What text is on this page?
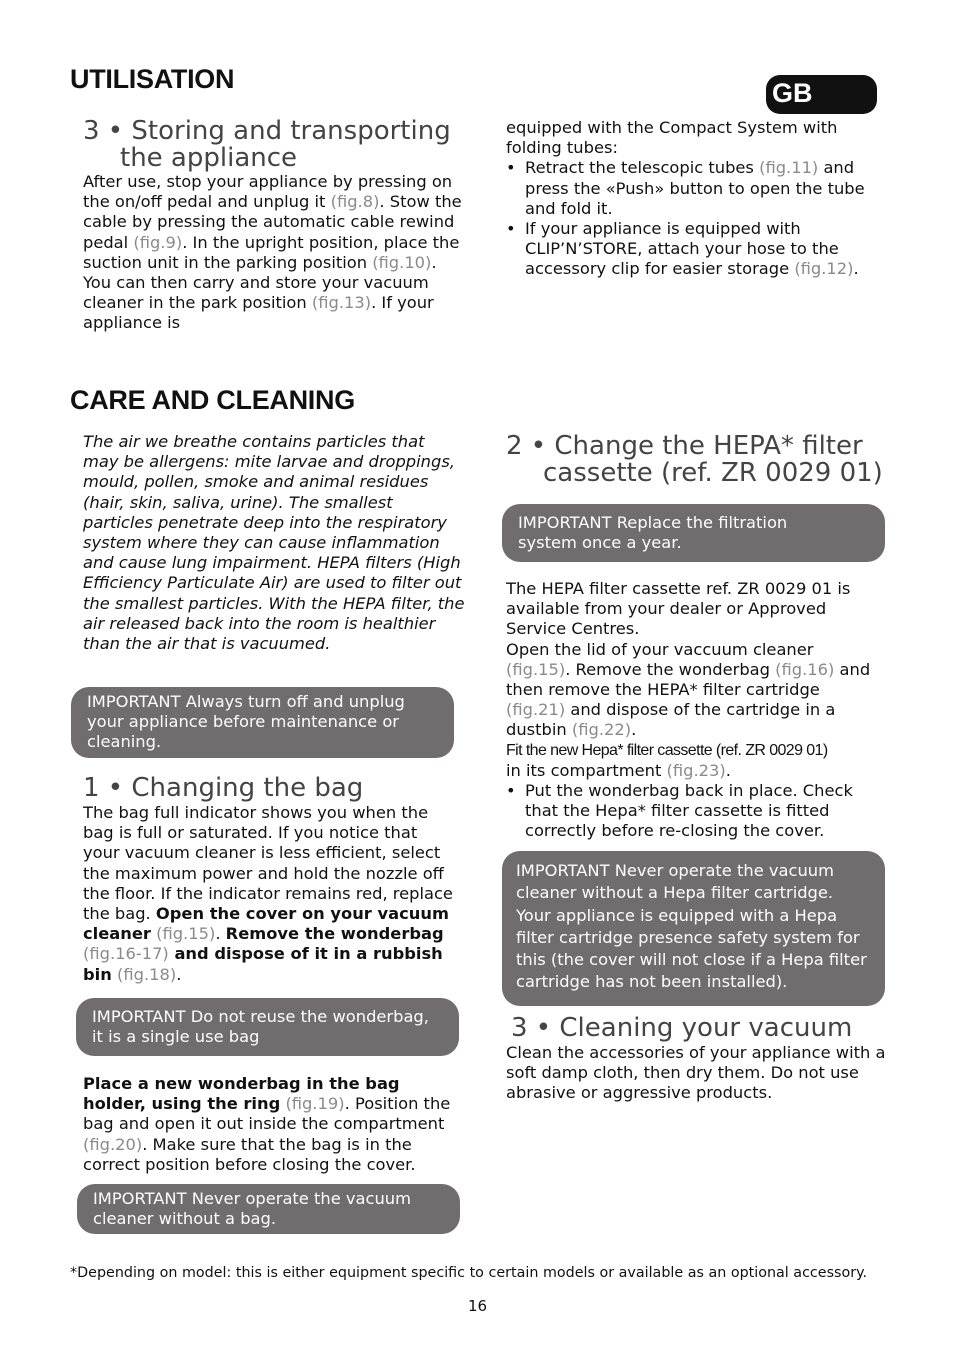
UTILISATION	GB
3 • Storing and transporting
the appliance
After use, stop your appliance by pressing on the on/off pedal and unplug it (fig.8). Stow the cable by pressing the automatic cable rewind pedal (fig.9). In the upright position, place the suction unit in the parking position (fig.10). You can then carry and store your vacuum cleaner in the park position (fig.13). If your appliance is
equipped with the Compact System with folding tubes:
• Retract the telescopic tubes (fig.11) and press the «Push» button to open the tube and fold it.
• If your appliance is equipped with CLIP’N’STORE, attach your hose to the accessory clip for easier storage (fig.12).
CARE AND CLEANING
The air we breathe contains particles that may be allergens: mite larvae and droppings, mould, pollen, smoke and animal residues (hair, skin, saliva, urine). The smallest particles penetrate deep into the respiratory system where they can cause inflammation and cause lung impairment. HEPA filters (High Efficiency Particulate Air) are used to filter out the smallest particles. With the HEPA filter, the air released back into the room is healthier than the air that is vacuumed.
IMPORTANT Always turn off and unplug your appliance before maintenance or cleaning.
1 • Changing the bag
The bag full indicator shows you when the bag is full or saturated. If you notice that your vacuum cleaner is less efficient, select the maximum power and hold the nozzle off the floor. If the indicator remains red, replace the bag. Open the cover on your vacuum cleaner (fig.15). Remove the wonderbag (fig.16-17) and dispose of it in a rubbish bin (fig.18).
IMPORTANT Do not reuse the wonderbag, it is a single use bag
Place a new wonderbag in the bag holder, using the ring (fig.19). Position the bag and open it out inside the compartment (fig.20). Make sure that the bag is in the correct position before closing the cover.
IMPORTANT Never operate the vacuum cleaner without a bag.
2 • Change the HEPA* filter
cassette (ref. ZR 0029 01)
IMPORTANT Replace the filtration system once a year.
The HEPA filter cassette ref. ZR 0029 01 is available from your dealer or Approved Service Centres.
Open the lid of your vaccuum cleaner (fig.15). Remove the wonderbag (fig.16) and then remove the HEPA* filter cartridge (fig.21) and dispose of the cartridge in a dustbin (fig.22).
Fit the new Hepa* filter cassette (ref. ZR 0029 01)
in its compartment (fig.23).
• Put the wonderbag back in place. Check that the Hepa* filter cassette is fitted correctly before re-closing the cover.
IMPORTANT Never operate the vacuum cleaner without a Hepa filter cartridge. Your appliance is equipped with a Hepa filter cartridge presence safety system for this (the cover will not close if a Hepa filter cartridge has not been installed).
3 • Cleaning your vacuum
Clean the accessories of your appliance with a soft damp cloth, then dry them. Do not use abrasive or aggressive products.
*Depending on model: this is either equipment specific to certain models or available as an optional accessory.
16
